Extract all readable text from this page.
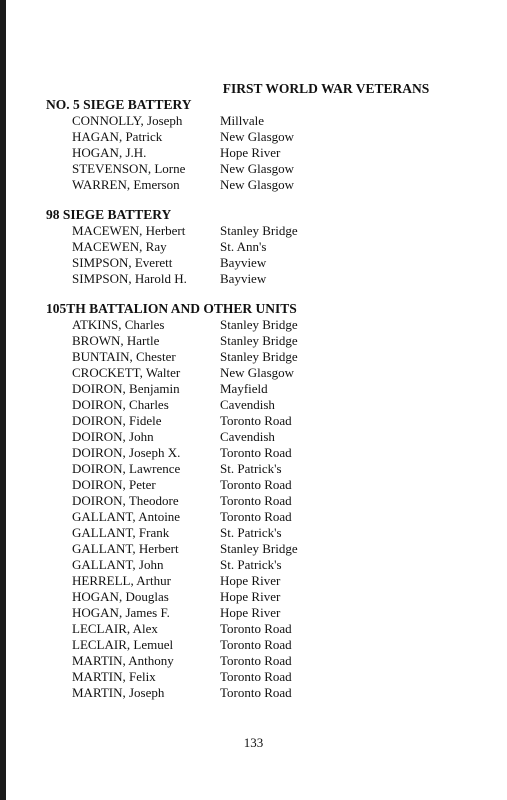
FIRST WORLD WAR VETERANS
NO. 5 SIEGE BATTERY
CONNOLLY, Joseph	Millvale
HAGAN, Patrick	New Glasgow
HOGAN, J.H.	Hope River
STEVENSON, Lorne	New Glasgow
WARREN, Emerson	New Glasgow
98 SIEGE BATTERY
MACEWEN, Herbert	Stanley Bridge
MACEWEN, Ray	St. Ann's
SIMPSON, Everett	Bayview
SIMPSON, Harold H.	Bayview
105TH BATTALION AND OTHER UNITS
ATKINS, Charles	Stanley Bridge
BROWN, Hartle	Stanley Bridge
BUNTAIN, Chester	Stanley Bridge
CROCKETT, Walter	New Glasgow
DOIRON, Benjamin	Mayfield
DOIRON, Charles	Cavendish
DOIRON, Fidele	Toronto Road
DOIRON, John	Cavendish
DOIRON, Joseph X.	Toronto Road
DOIRON, Lawrence	St. Patrick's
DOIRON, Peter	Toronto Road
DOIRON, Theodore	Toronto Road
GALLANT, Antoine	Toronto Road
GALLANT, Frank	St. Patrick's
GALLANT, Herbert	Stanley Bridge
GALLANT, John	St. Patrick's
HERRELL, Arthur	Hope River
HOGAN, Douglas	Hope River
HOGAN, James F.	Hope River
LECLAIR, Alex	Toronto Road
LECLAIR, Lemuel	Toronto Road
MARTIN, Anthony	Toronto Road
MARTIN, Felix	Toronto Road
MARTIN, Joseph	Toronto Road
133
